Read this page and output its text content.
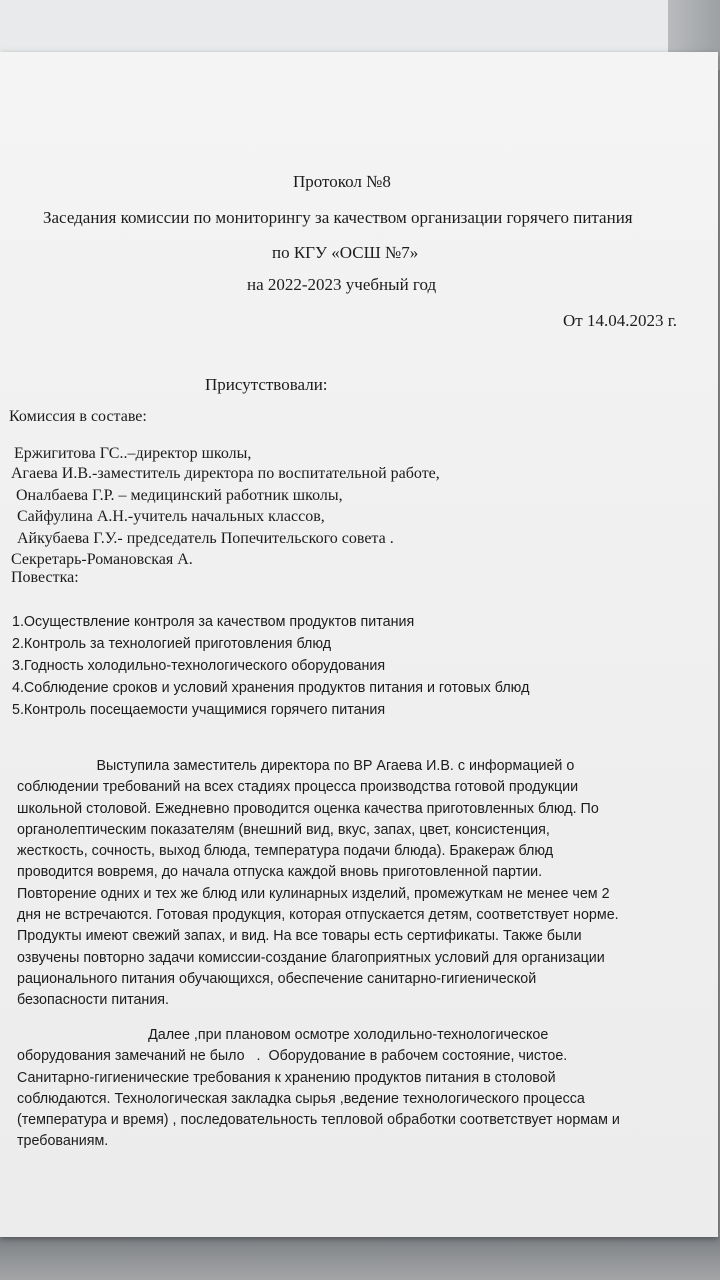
Протокол №8
Заседания комиссии по мониторингу за качеством организации горячего питания
по КГУ «ОСШ №7»
на 2022-2023 учебный год
От 14.04.2023 г.
Присутствовали:
Комиссия в составе:
Ержигитова ГС..–директор школы,
Агаева И.В.-заместитель директора по воспитательной работе,
Оналбаева Г.Р. – медицинский работник школы,
Сайфулина А.Н.-учитель начальных классов,
Айкубаева Г.У.- председатель Попечительского совета .
Секретарь-Романовская А.
Повестка:
1.Осуществление контроля за качеством продуктов питания
2.Контроль за технологией приготовления блюд
3.Годность холодильно-технологического оборудования
4.Соблюдение сроков и условий хранения продуктов питания и готовых блюд
5.Контроль посещаемости учащимися горячего питания
Выступила заместитель директора по ВР Агаева И.В. с информацией о
соблюдении требований на всех стадиях процесса производства готовой продукции
школьной столовой. Ежедневно проводится оценка качества приготовленных блюд. По
органолептическим показателям (внешний вид, вкус, запах, цвет, консистенция,
жесткость, сочность, выход блюда, температура подачи блюда). Бракераж блюд
проводится вовремя, до начала отпуска каждой вновь приготовленной партии.
Повторение одних и тех же блюд или кулинарных изделий, промежуткам не менее чем 2
дня не встречаются. Готовая продукция, которая отпускается детям, соответствует норме.
Продукты имеют свежий запах, и вид. На все товары есть сертификаты. Также были
озвучены повторно задачи комиссии-создание благоприятных условий для организации
рационального питания обучающихся, обеспечение санитарно-гигиенической
безопасности питания.
Далее ,при плановом осмотре холодильно-технологическое
оборудования замечаний не было   .  Оборудование в рабочем состояние, чистое.
Санитарно-гигиенические требования к хранению продуктов питания в столовой
соблюдаются. Технологическая закладка сырья ,ведение технологического процесса
(температура и время) , последовательность тепловой обработки соответствует нормам и
требованиям.
